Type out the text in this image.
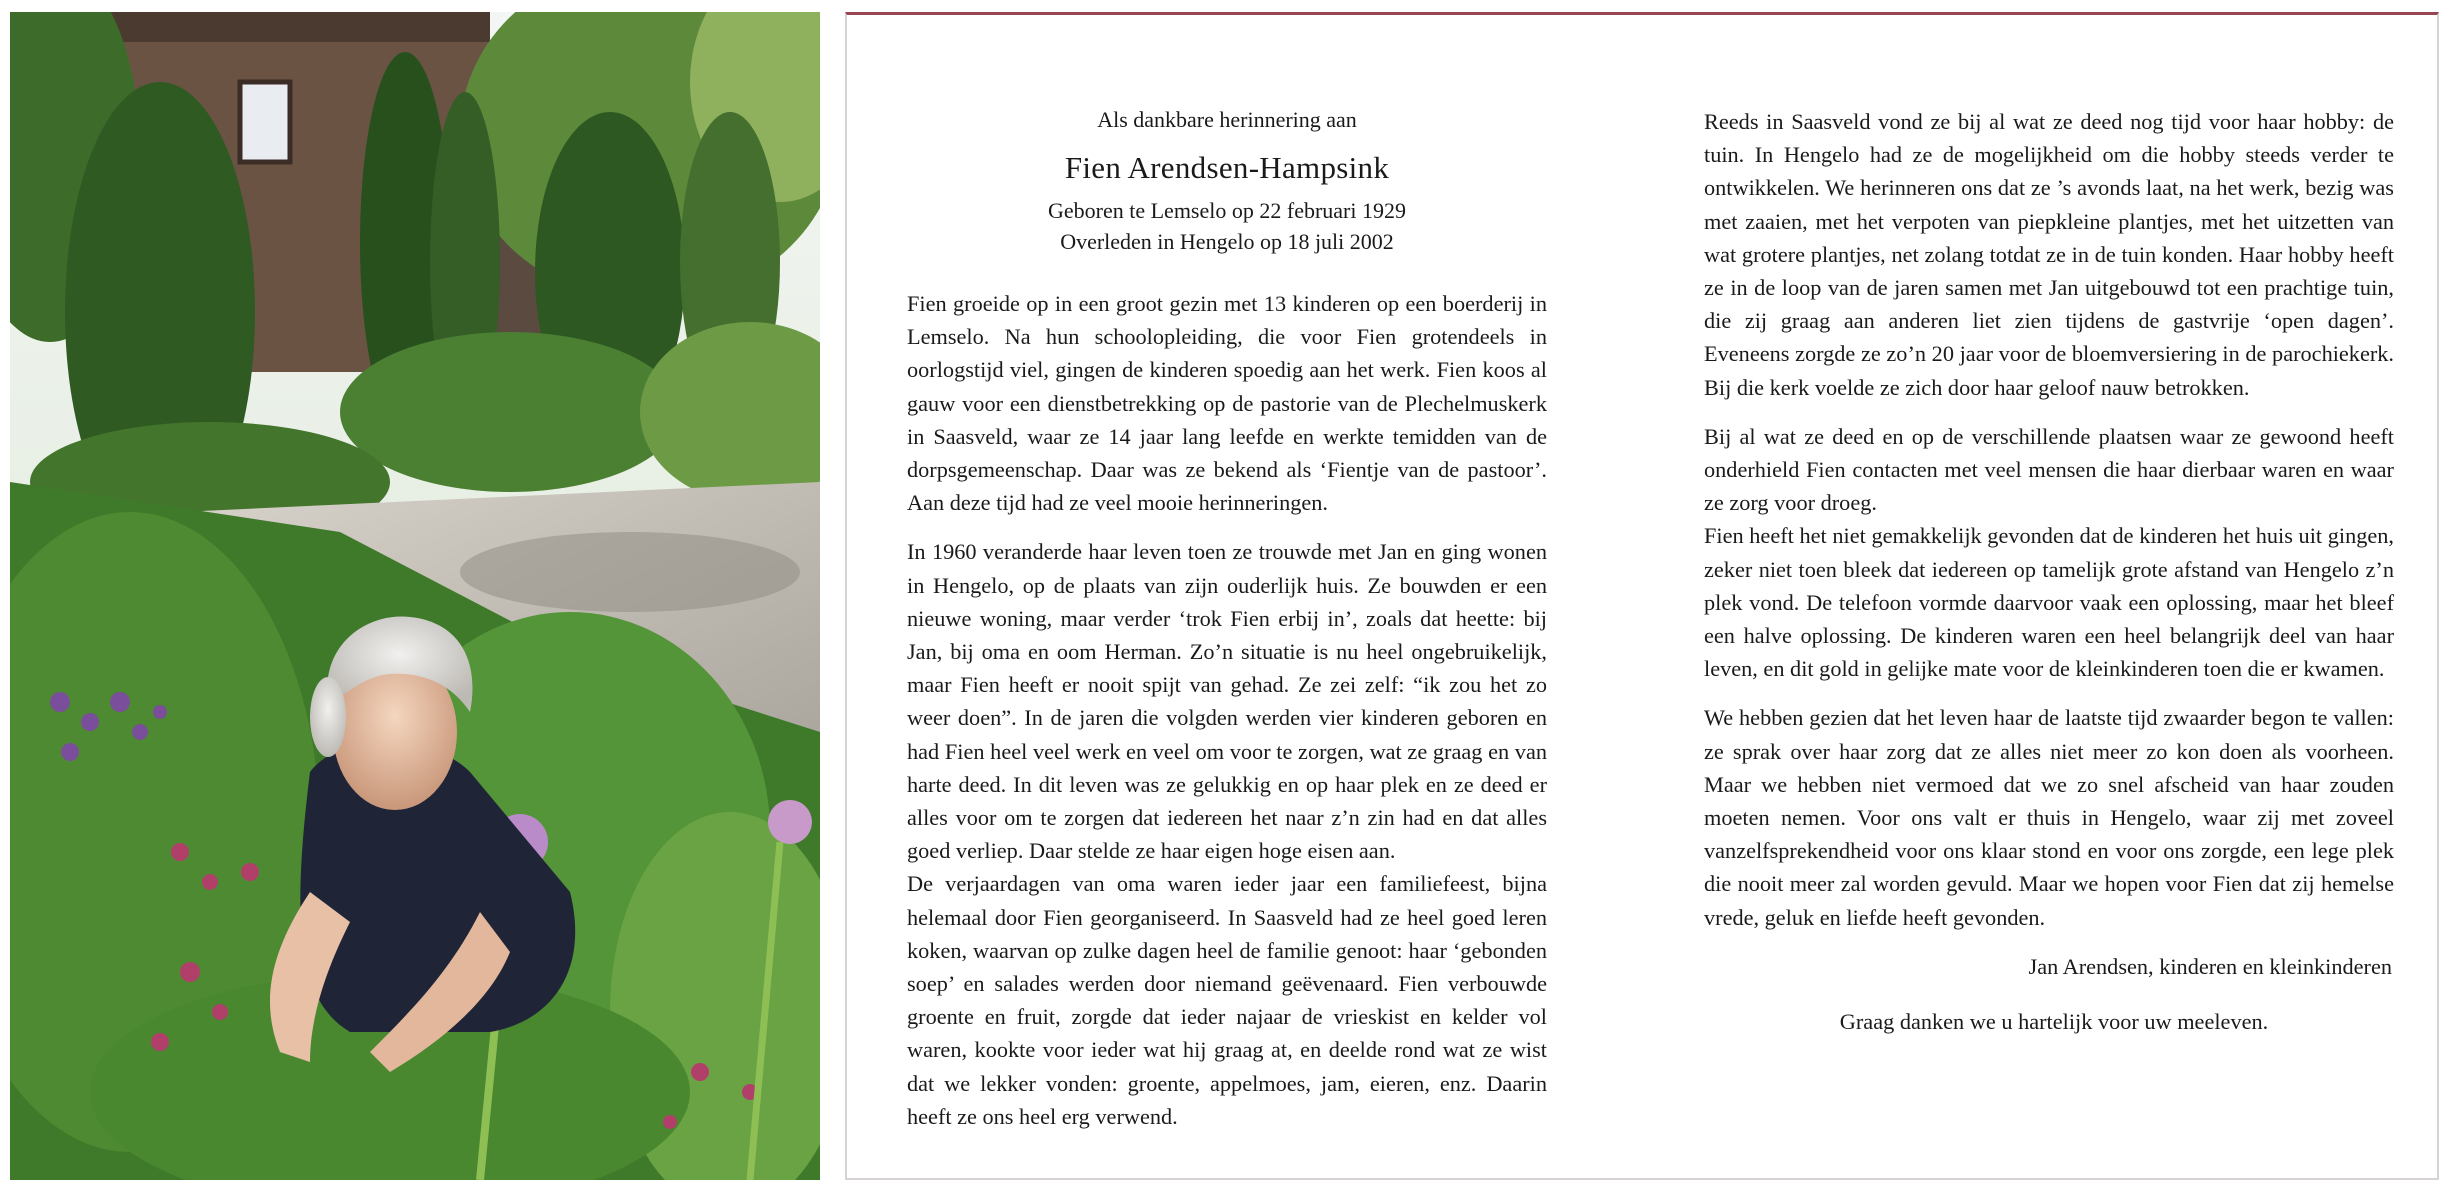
Als dankbare herinnering aan
Fien Arendsen-Hampsink
Geboren te Lemselo op 22 februari 1929
Overleden in Hengelo op 18 juli 2002

Fien groeide op in een groot gezin met 13 kinderen op een boerderij in Lemselo. Na hun schoolopleiding, die voor Fien grotendeels in oorlogstijd viel, gingen de kinderen spoedig aan het werk. Fien koos al gauw voor een dienstbetrekking op de pastorie van de Plechelmuskerk in Saasveld, waar ze 14 jaar lang leefde en werkte temidden van de dorpsgemeenschap. Daar was ze bekend als ‘Fientje van de pastoor’. Aan deze tijd had ze veel mooie herinneringen.

In 1960 veranderde haar leven toen ze trouwde met Jan en ging wonen in Hengelo, op de plaats van zijn ouderlijk huis. Ze bouwden er een nieuwe woning, maar verder ‘trok Fien erbij in’, zoals dat heette: bij Jan, bij oma en oom Herman. Zo’n situatie is nu heel ongebruikelijk, maar Fien heeft er nooit spijt van gehad. Ze zei zelf: “ik zou het zo weer doen”. In de jaren die volgden werden vier kinderen geboren en had Fien heel veel werk en veel om voor te zorgen, wat ze graag en van harte deed. In dit leven was ze gelukkig en op haar plek en ze deed er alles voor om te zorgen dat iedereen het naar z’n zin had en dat alles goed verliep. Daar stelde ze haar eigen hoge eisen aan.

De verjaardagen van oma waren ieder jaar een familiefeest, bijna helemaal door Fien georganiseerd. In Saasveld had ze heel goed leren koken, waarvan op zulke dagen heel de familie genoot: haar ‘gebonden soep’ en salades werden door niemand geëvenaard. Fien verbouwde groente en fruit, zorgde dat ieder najaar de vrieskist en kelder vol waren, kookte voor ieder wat hij graag at, en deelde rond wat ze wist dat we lekker vonden: groente, appelmoes, jam, eieren, enz. Daarin heeft ze ons heel erg verwend.

Reeds in Saasveld vond ze bij al wat ze deed nog tijd voor haar hobby: de tuin. In Hengelo had ze de mogelijkheid om die hobby steeds verder te ontwikkelen. We herinneren ons dat ze ’s avonds laat, na het werk, bezig was met zaaien, met het verpoten van piepkleine plantjes, met het uitzetten van wat grotere plantjes, net zolang totdat ze in de tuin konden. Haar hobby heeft ze in de loop van de jaren samen met Jan uitgebouwd tot een prachtige tuin, die zij graag aan anderen liet zien tijdens de gastvrije ‘open dagen’. Eveneens zorgde ze zo’n 20 jaar voor de bloemversiering in de parochiekerk. Bij die kerk voelde ze zich door haar geloof nauw betrokken.

Bij al wat ze deed en op de verschillende plaatsen waar ze gewoond heeft onderhield Fien contacten met veel mensen die haar dierbaar waren en waar ze zorg voor droeg.

Fien heeft het niet gemakkelijk gevonden dat de kinderen het huis uit gingen, zeker niet toen bleek dat iedereen op tamelijk grote afstand van Hengelo z’n plek vond. De telefoon vormde daarvoor vaak een oplossing, maar het bleef een halve oplossing. De kinderen waren een heel belangrijk deel van haar leven, en dit gold in gelijke mate voor de kleinkinderen toen die er kwamen.

We hebben gezien dat het leven haar de laatste tijd zwaarder begon te vallen: ze sprak over haar zorg dat ze alles niet meer zo kon doen als voorheen. Maar we hebben niet vermoed dat we zo snel afscheid van haar zouden moeten nemen. Voor ons valt er thuis in Hengelo, waar zij met zoveel vanzelfsprekendheid voor ons klaar stond en voor ons zorgde, een lege plek die nooit meer zal worden gevuld. Maar we hopen voor Fien dat zij hemelse vrede, geluk en liefde heeft gevonden.

Jan Arendsen, kinderen en kleinkinderen

Graag danken we u hartelijk voor uw meeleven.
